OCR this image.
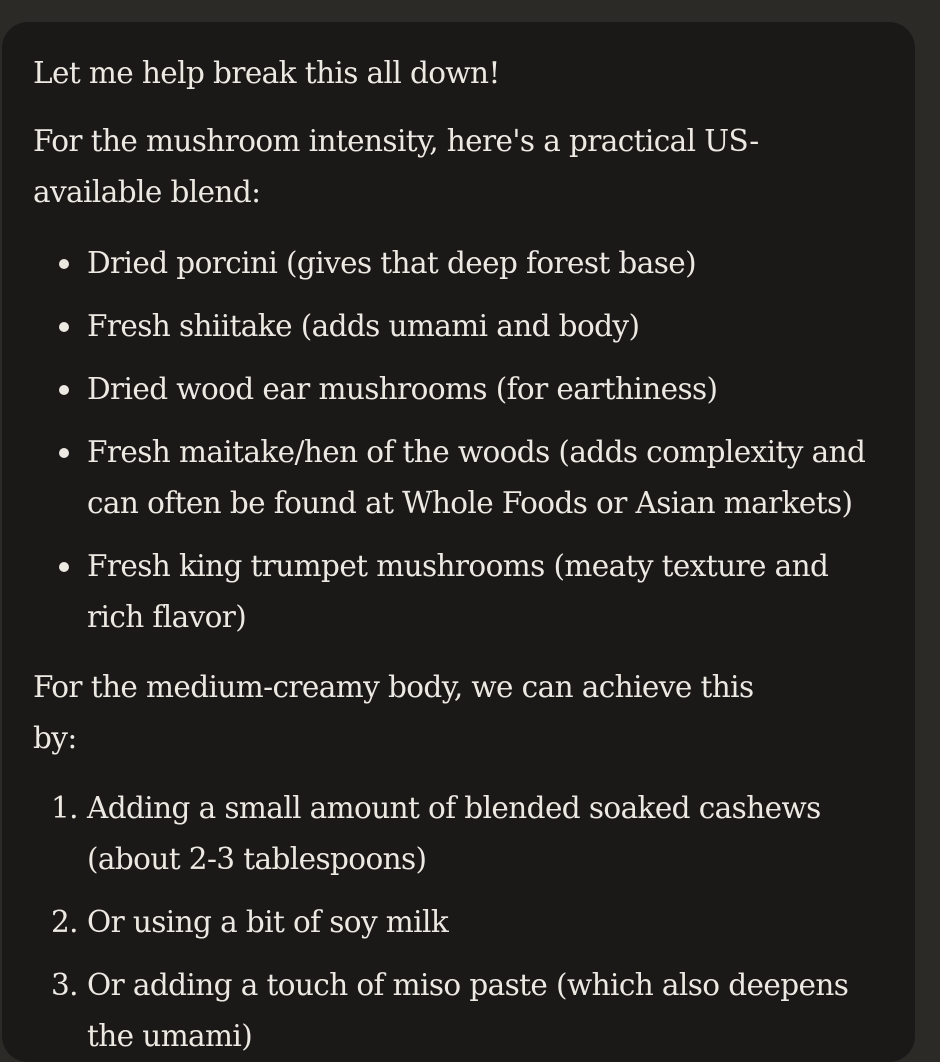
Let me help break this all down!

For the mushroom intensity, here's a practical US-available blend:

Dried porcini (gives that deep forest base)
Fresh shiitake (adds umami and body)
Dried wood ear mushrooms (for earthiness)
Fresh maitake/hen of the woods (adds complexity and can often be found at Whole Foods or Asian markets)
Fresh king trumpet mushrooms (meaty texture and rich flavor)

For the medium-creamy body, we can achieve this by:

1. Adding a small amount of blended soaked cashews (about 2-3 tablespoons)
2. Or using a bit of soy milk
3. Or adding a touch of miso paste (which also deepens the umami)
